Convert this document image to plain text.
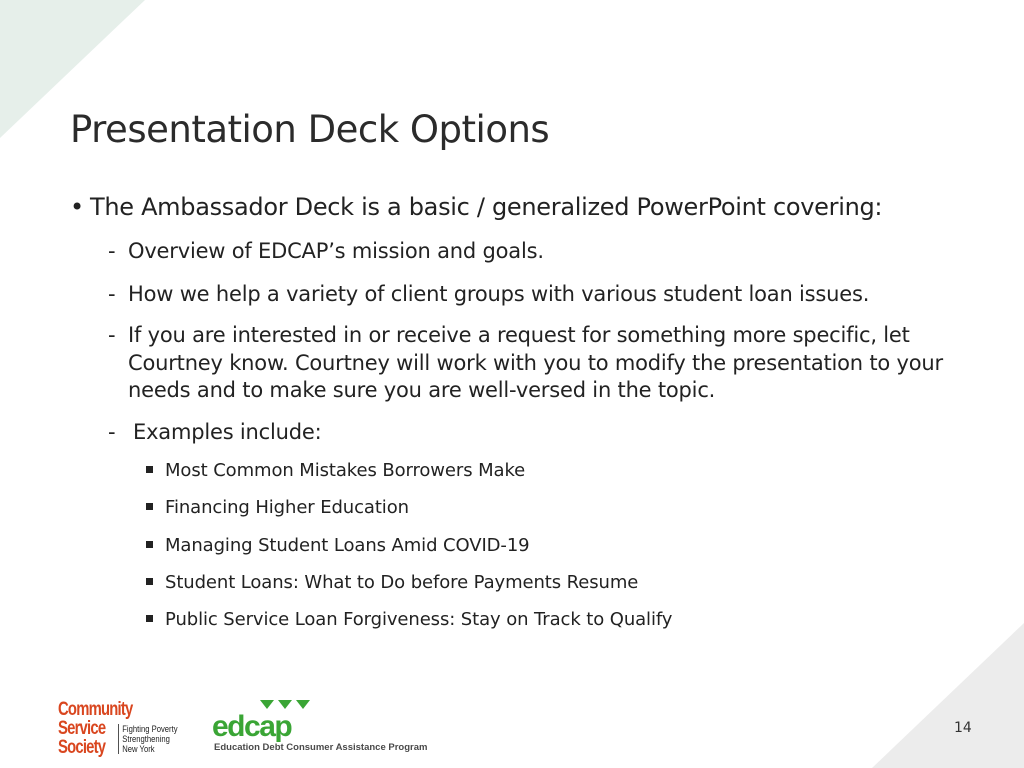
Presentation Deck Options
• The Ambassador Deck is a basic / generalized PowerPoint covering:
- Overview of EDCAP’s mission and goals.
- How we help a variety of client groups with various student loan issues.
- If you are interested in or receive a request for something more specific, let Courtney know. Courtney will work with you to modify the presentation to your needs and to make sure you are well-versed in the topic.
- Examples include:
Most Common Mistakes Borrowers Make
Financing Higher Education
Managing Student Loans Amid COVID-19
Student Loans: What to Do before Payments Resume
Public Service Loan Forgiveness: Stay on Track to Qualify
Community
Service
Society
Fighting Poverty
Strengthening
New York
edcap
Education Debt Consumer Assistance Program
14
